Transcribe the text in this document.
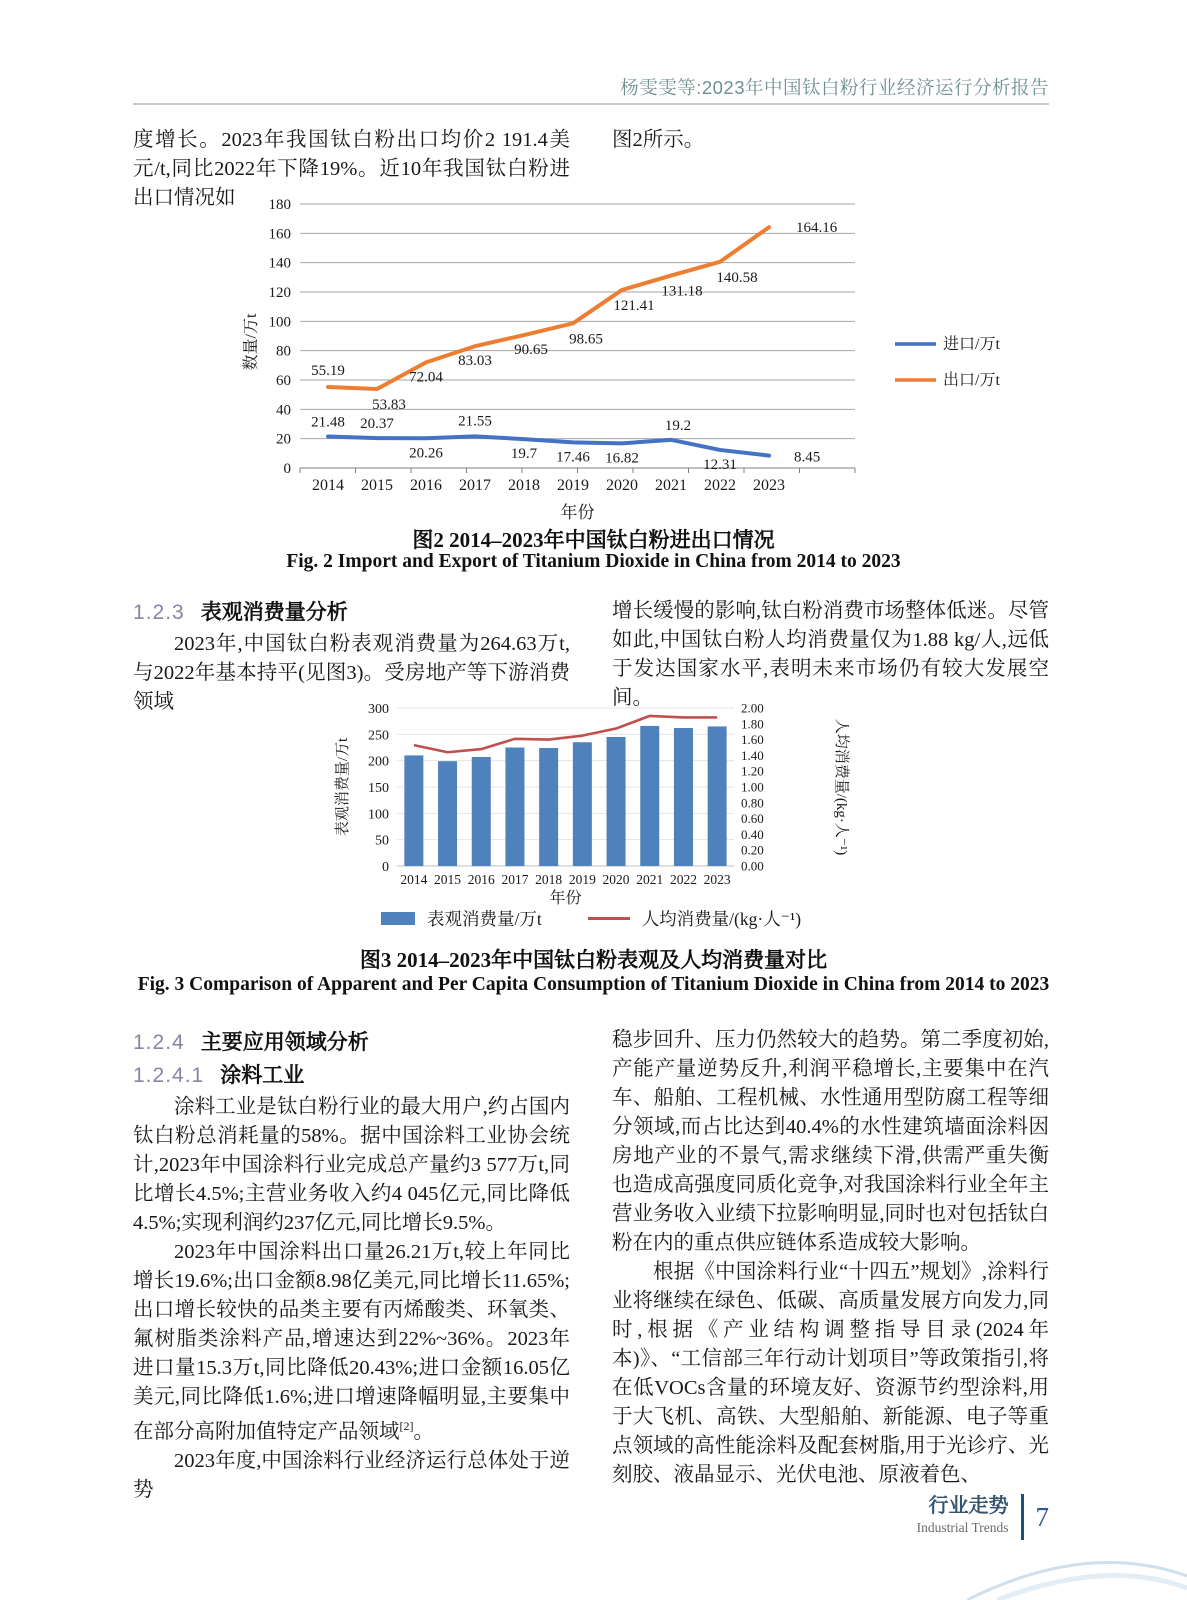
杨雯雯等:2023年中国钛白粉行业经济运行分析报告
度增长。2023年我国钛白粉出口均价2 191.4美元/t,同比2022年下降19%。近10年我国钛白粉进出口情况如
图2所示。
0
20
40
60
80
100
120
140
160
180
21.48 20.37
20.26
21.55
19.7 17.46 16.82
19.2
12.31	8.45
55.19
53.83
72.04
83.03
90.65
98.65
121.41
131.18
140.58
164.16
2014 2015 2016 2017 2018 2019 2020 2021 2022 2023
年份
数量/万t	进口/万t
出口/万t
图2 2014–2023年中国钛白粉进出口情况
Fig. 2 Import and Export of Titanium Dioxide in China from 2014 to 2023
1.2.3 表观消费量分析

2023年,中国钛白粉表观消费量为264.63万t,与2022年基本持平(见图3)。受房地产等下游消费领域

增长缓慢的影响,钛白粉消费市场整体低迷。尽管如此,中国钛白粉人均消费量仅为1.88 kg/人,远低于发达国家水平,表明未来市场仍有较大发展空间。

0
50
100
150
200
250
300
0.00
0.20
0.40
0.60
0.80
1.00
1.20
1.40
1.60
1.80
2.00
2014 2015 2016 2017 2018 2019 2020 2021 2022 2023
年份
表观消费量/万t	人均消费量/(kg·人⁻¹)
表观消费量/万t	人均消费量/(kg·人⁻¹)
图3 2014–2023年中国钛白粉表观及人均消费量对比
Fig. 3 Comparison of Apparent and Per Capita Consumption of Titanium Dioxide in China from 2014 to 2023
1.2.4 主要应用领域分析
1.2.4.1 涂料工业

涂料工业是钛白粉行业的最大用户,约占国内钛白粉总消耗量的58%。据中国涂料工业协会统计,2023年中国涂料行业完成总产量约3 577万t,同比增长4.5%;主营业务收入约4 045亿元,同比降低4.5%;实现利润约237亿元,同比增长9.5%。

2023年中国涂料出口量26.21万t,较上年同比增长19.6%;出口金额8.98亿美元,同比增长11.65%;出口增长较快的品类主要有丙烯酸类、环氧类、氟树脂类涂料产品,增速达到22%~36%。2023年进口量15.3万t,同比降低20.43%;进口金额16.05亿美元,同比降低1.6%;进口增速降幅明显,主要集中在部分高附加值特定产品领域[2]。

2023年度,中国涂料行业经济运行总体处于逆势

稳步回升、压力仍然较大的趋势。第二季度初始,产能产量逆势反升,利润平稳增长,主要集中在汽车、船舶、工程机械、水性通用型防腐工程等细分领域,而占比达到40.4%的水性建筑墙面涂料因房地产业的不景气,需求继续下滑,供需严重失衡也造成高强度同质化竞争,对我国涂料行业全年主营业务收入业绩下拉影响明显,同时也对包括钛白粉在内的重点供应链体系造成较大影响。

根据《中国涂料行业“十四五”规划》,涂料行业将继续在绿色、低碳、高质量发展方向发力,同时,根据《产业结构调整指导目录(2024年本)》、“工信部三年行动计划项目”等政策指引,将在低VOCs含量的环境友好、资源节约型涂料,用于大飞机、高铁、大型船舶、新能源、电子等重点领域的高性能涂料及配套树脂,用于光诊疗、光刻胶、液晶显示、光伏电池、原液着色、

行业走势
Industrial Trends 7
